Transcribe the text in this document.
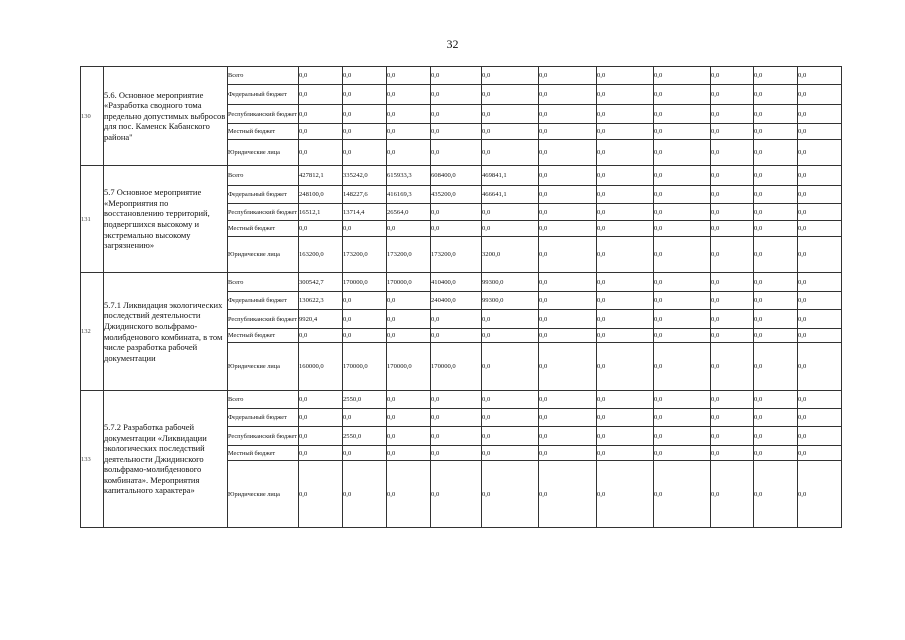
32
130	5.6. Основное мероприятие «Разработка сводного тома предельно допустимых выбросов для пос. Каменск Кабанского района"	Всего	0,0	0,0	0,0	0,0	0,0	0,0	0,0	0,0	0,0	0,0	0,0
		Федеральный бюджет	0,0	0,0	0,0	0,0	0,0	0,0	0,0	0,0	0,0	0,0	0,0
		Республиканский бюджет	0,0	0,0	0,0	0,0	0,0	0,0	0,0	0,0	0,0	0,0	0,0
		Местный бюджет	0,0	0,0	0,0	0,0	0,0	0,0	0,0	0,0	0,0	0,0	0,0
		Юридические лица	0,0	0,0	0,0	0,0	0,0	0,0	0,0	0,0	0,0	0,0	0,0
131	5.7 Основное мероприятие «Мероприятия по восстановлению территорий, подвергшихся высокому и экстремально высокому загрязнению»	Всего	427812,1	335242,0	615933,3	608400,0	469841,1	0,0	0,0	0,0	0,0	0,0	0,0
		Федеральный бюджет	248100,0	148227,6	416169,3	435200,0	466641,1	0,0	0,0	0,0	0,0	0,0	0,0
		Республиканский бюджет	16512,1	13714,4	26564,0	0,0	0,0	0,0	0,0	0,0	0,0	0,0	0,0
		Местный бюджет	0,0	0,0	0,0	0,0	0,0	0,0	0,0	0,0	0,0	0,0	0,0
		Юридические лица	163200,0	173200,0	173200,0	173200,0	3200,0	0,0	0,0	0,0	0,0	0,0	0,0
132	5.7.1 Ликвидация экологических последствий деятельности Джидинского вольфрамо-молибденового комбината, в том числе разработка рабочей документации	Всего	300542,7	170000,0	170000,0	410400,0	99300,0	0,0	0,0	0,0	0,0	0,0	0,0
		Федеральный бюджет	130622,3	0,0	0,0	240400,0	99300,0	0,0	0,0	0,0	0,0	0,0	0,0
		Республиканский бюджет	9920,4	0,0	0,0	0,0	0,0	0,0	0,0	0,0	0,0	0,0	0,0
		Местный бюджет	0,0	0,0	0,0	0,0	0,0	0,0	0,0	0,0	0,0	0,0	0,0
		Юридические лица	160000,0	170000,0	170000,0	170000,0	0,0	0,0	0,0	0,0	0,0	0,0	0,0
133	5.7.2 Разработка рабочей документации «Ликвидации экологических последствий деятельности Джидинского вольфрамо-молибденового комбината». Мероприятия капитального характера»	Всего	0,0	2550,0	0,0	0,0	0,0	0,0	0,0	0,0	0,0	0,0	0,0
		Федеральный бюджет	0,0	0,0	0,0	0,0	0,0	0,0	0,0	0,0	0,0	0,0	0,0
		Республиканский бюджет	0,0	2550,0	0,0	0,0	0,0	0,0	0,0	0,0	0,0	0,0	0,0
		Местный бюджет	0,0	0,0	0,0	0,0	0,0	0,0	0,0	0,0	0,0	0,0	0,0
		Юридические лица	0,0	0,0	0,0	0,0	0,0	0,0	0,0	0,0	0,0	0,0	0,0
